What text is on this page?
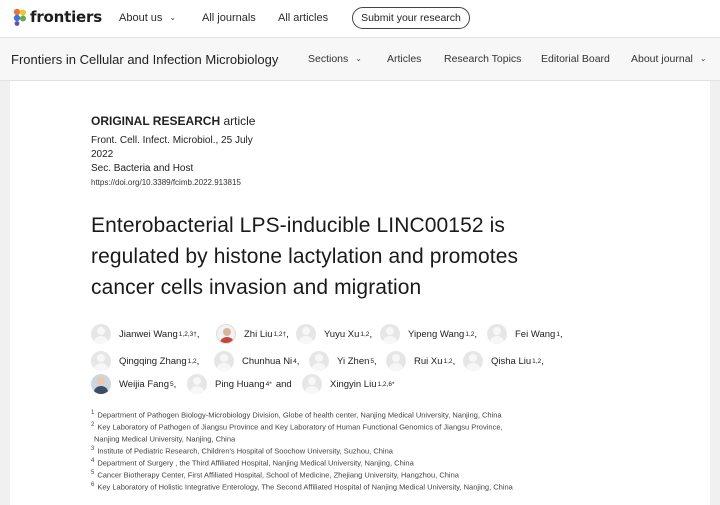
frontiers About us ⌄ All journals All articles	Submit your research
Frontiers in Cellular and Infection Microbiology	Sections ⌄ Articles Research Topics Editorial Board About journal ⌄
ORIGINAL RESEARCH article
Front. Cell. Infect. Microbiol., 25 July
2022
Sec. Bacteria and Host
https://doi.org/10.3389/fcimb.2022.913815
Enterobacterial LPS-inducible LINC00152 is
regulated by histone lactylation and promotes
cancer cells invasion and migration
Jianwei Wang 1,2,3† ,	Zhi Liu 1,2† ,	Yuyu Xu 1,2 ,	Yipeng Wang 1,2 ,	Fei Wang 1 ,
Qingqing Zhang 1,2 ,	Chunhua Ni 4 ,	Yi Zhen 5 ,	Rui Xu 1,2 ,	Qisha Liu 1,2 ,
Weijia Fang 5 ,	Ping Huang 4* and	Xingyin Liu 1,2,6*
$^1$ Department of Pathogen Biology-Microbiology Division, Globe of health center, Nanjing Medical University, Nanjing, China
$^2$ Key Laboratory of Pathogen of Jiangsu Province and Key Laboratory of Human Functional Genomics of Jiangsu Province,
Nanjing Medical University, Nanjing, China
$^3$ Institute of Pediatric Research, Children's Hospital of Soochow University, Suzhou, China
$^4$ Department of Surgery , the Third Affiliated Hospital, Nanjing Medical University, Nanjing, China
$^5$ Cancer Biotherapy Center, First Affiliated Hospital, School of Medicine, Zhejiang University, Hangzhou, China
$^6$ Key Laboratory of Holistic Integrative Enterology, The Second Affiliated Hospital of Nanjing Medical University, Nanjing, China
